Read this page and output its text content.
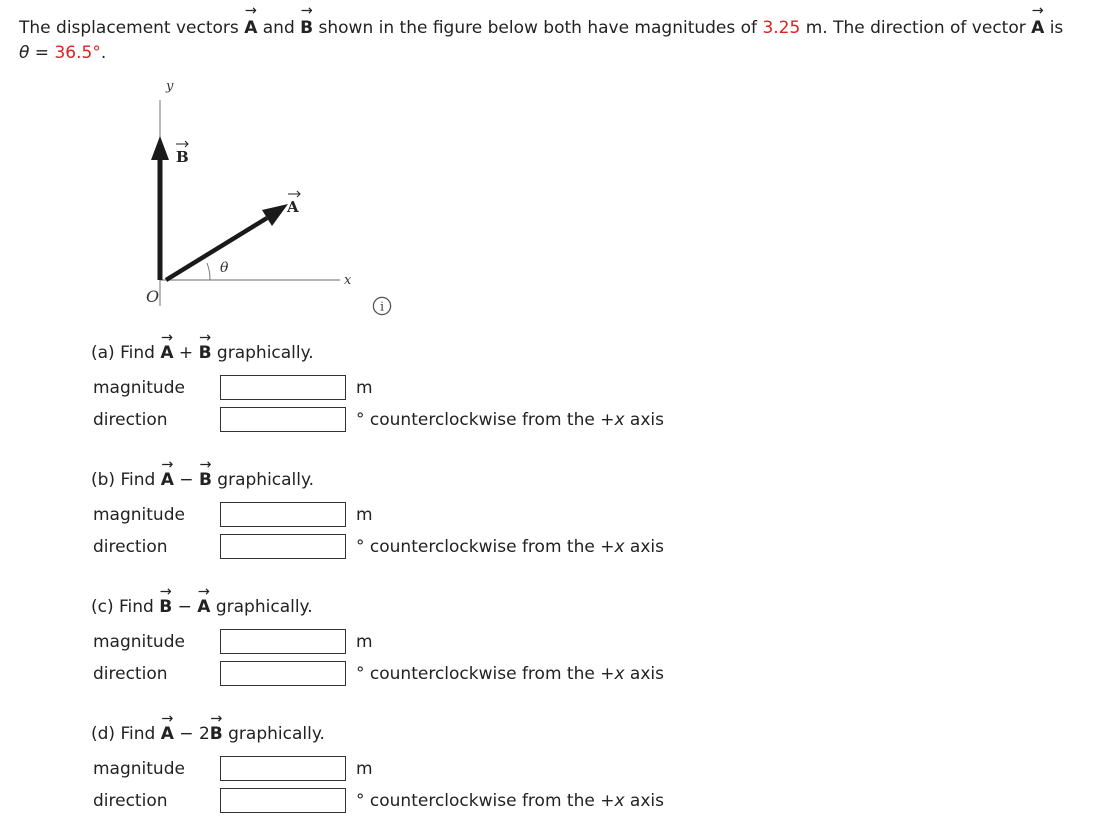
The displacement vectors → A and → B shown in the figure below both have magnitudes of 3.25 m. The direction of vector → A is

θ = 36.5°.

y
x
O
B
A
θ
i
(a) Find → A + → B graphically.
magnitude	m
direction	° counterclockwise from the +x axis
(b) Find → A − → B graphically.
magnitude	m
direction	° counterclockwise from the +x axis
(c) Find → B − → A graphically.
magnitude	m
direction	° counterclockwise from the +x axis
(d) Find → A − 2→ B graphically.
magnitude	m
direction	° counterclockwise from the +x axis
